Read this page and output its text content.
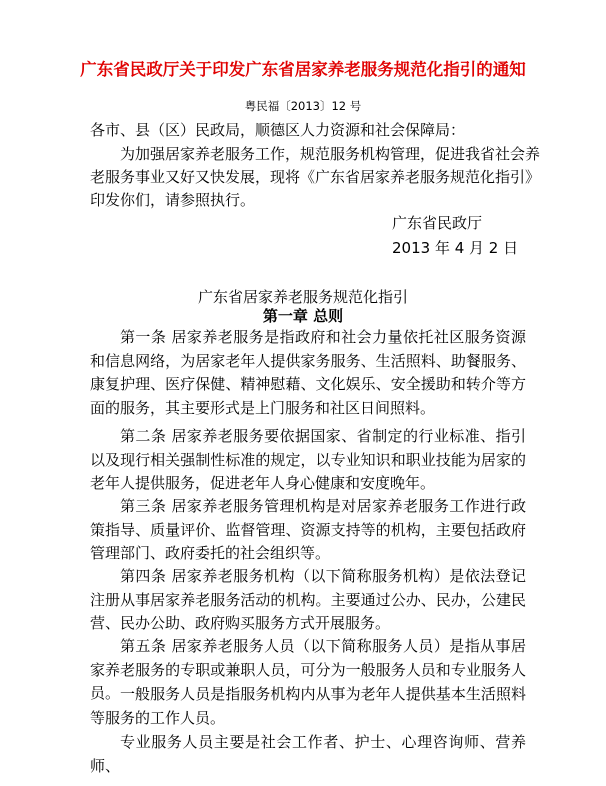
广东省民政厅关于印发广东省居家养老服务规范化指引的通知
粤民福〔2013〕12 号
各市、县（区）民政局，顺德区人力资源和社会保障局：
为加强居家养老服务工作，规范服务机构管理，促进我省社会养
老服务事业又好又快发展，现将《广东省居家养老服务规范化指引》
印发你们，请参照执行。
广东省民政厅
2013 年 4 月 2 日
广东省居家养老服务规范化指引
第一章 总则
第一条 居家养老服务是指政府和社会力量依托社区服务资源和信息网络，为居家老年人提供家务服务、生活照料、助餐服务、康复护理、医疗保健、精神慰藉、文化娱乐、安全援助和转介等方面的服务，其主要形式是上门服务和社区日间照料。
第二条 居家养老服务要依据国家、省制定的行业标准、指引以及现行相关强制性标准的规定，以专业知识和职业技能为居家的老年人提供服务，促进老年人身心健康和安度晚年。
第三条 居家养老服务管理机构是对居家养老服务工作进行政策指导、质量评价、监督管理、资源支持等的机构，主要包括政府管理部门、政府委托的社会组织等。
第四条 居家养老服务机构（以下简称服务机构）是依法登记注册从事居家养老服务活动的机构。主要通过公办、民办，公建民营、民办公助、政府购买服务方式开展服务。
第五条 居家养老服务人员（以下简称服务人员）是指从事居家养老服务的专职或兼职人员，可分为一般服务人员和专业服务人员。 一般服务人员是指服务机构内从事为老年人提供基本生活照料等服务的工作人员。
专业服务人员主要是社会工作者、护士、心理咨询师、营养师、
